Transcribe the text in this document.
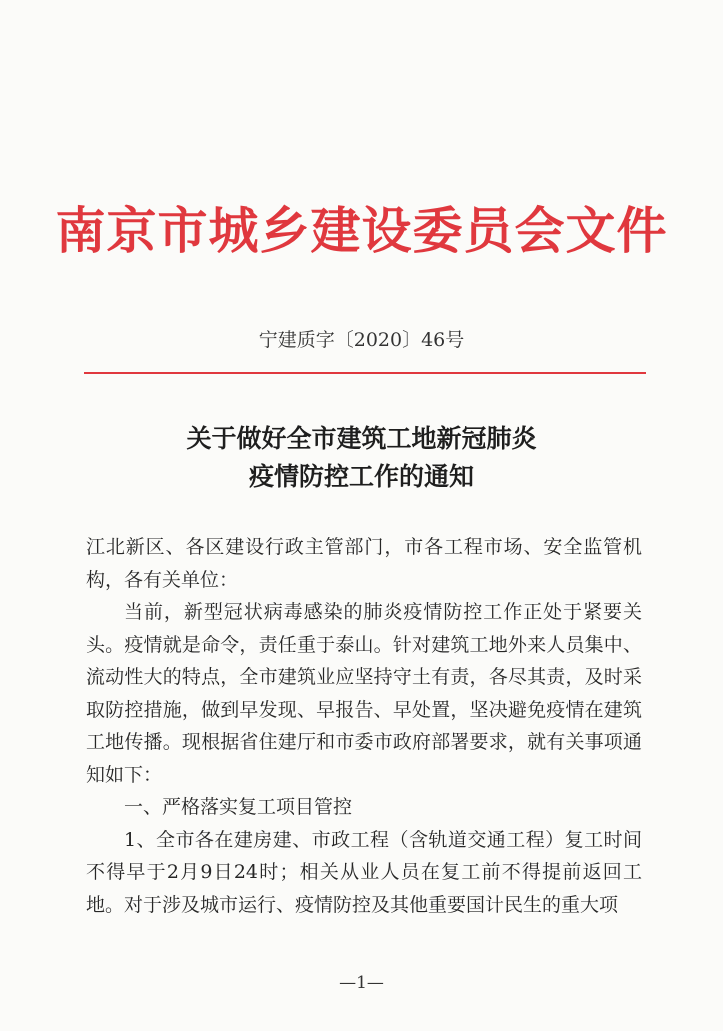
南京市城乡建设委员会文件
宁建质字〔2020〕46号
关于做好全市建筑工地新冠肺炎
疫情防控工作的通知

江北新区、各区建设行政主管部门，市各工程市场、安全监管机构，各有关单位：

当前，新型冠状病毒感染的肺炎疫情防控工作正处于紧要关头。疫情就是命令，责任重于泰山。针对建筑工地外来人员集中、流动性大的特点，全市建筑业应坚持守土有责，各尽其责，及时采取防控措施，做到早发现、早报告、早处置，坚决避免疫情在建筑工地传播。现根据省住建厅和市委市政府部署要求，就有关事项通知如下：

一、严格落实复工项目管控

1、全市各在建房建、市政工程（含轨道交通工程）复工时间不得早于2月9日24时；相关从业人员在复工前不得提前返回工地。对于涉及城市运行、疫情防控及其他重要国计民生的重大项

—1—
